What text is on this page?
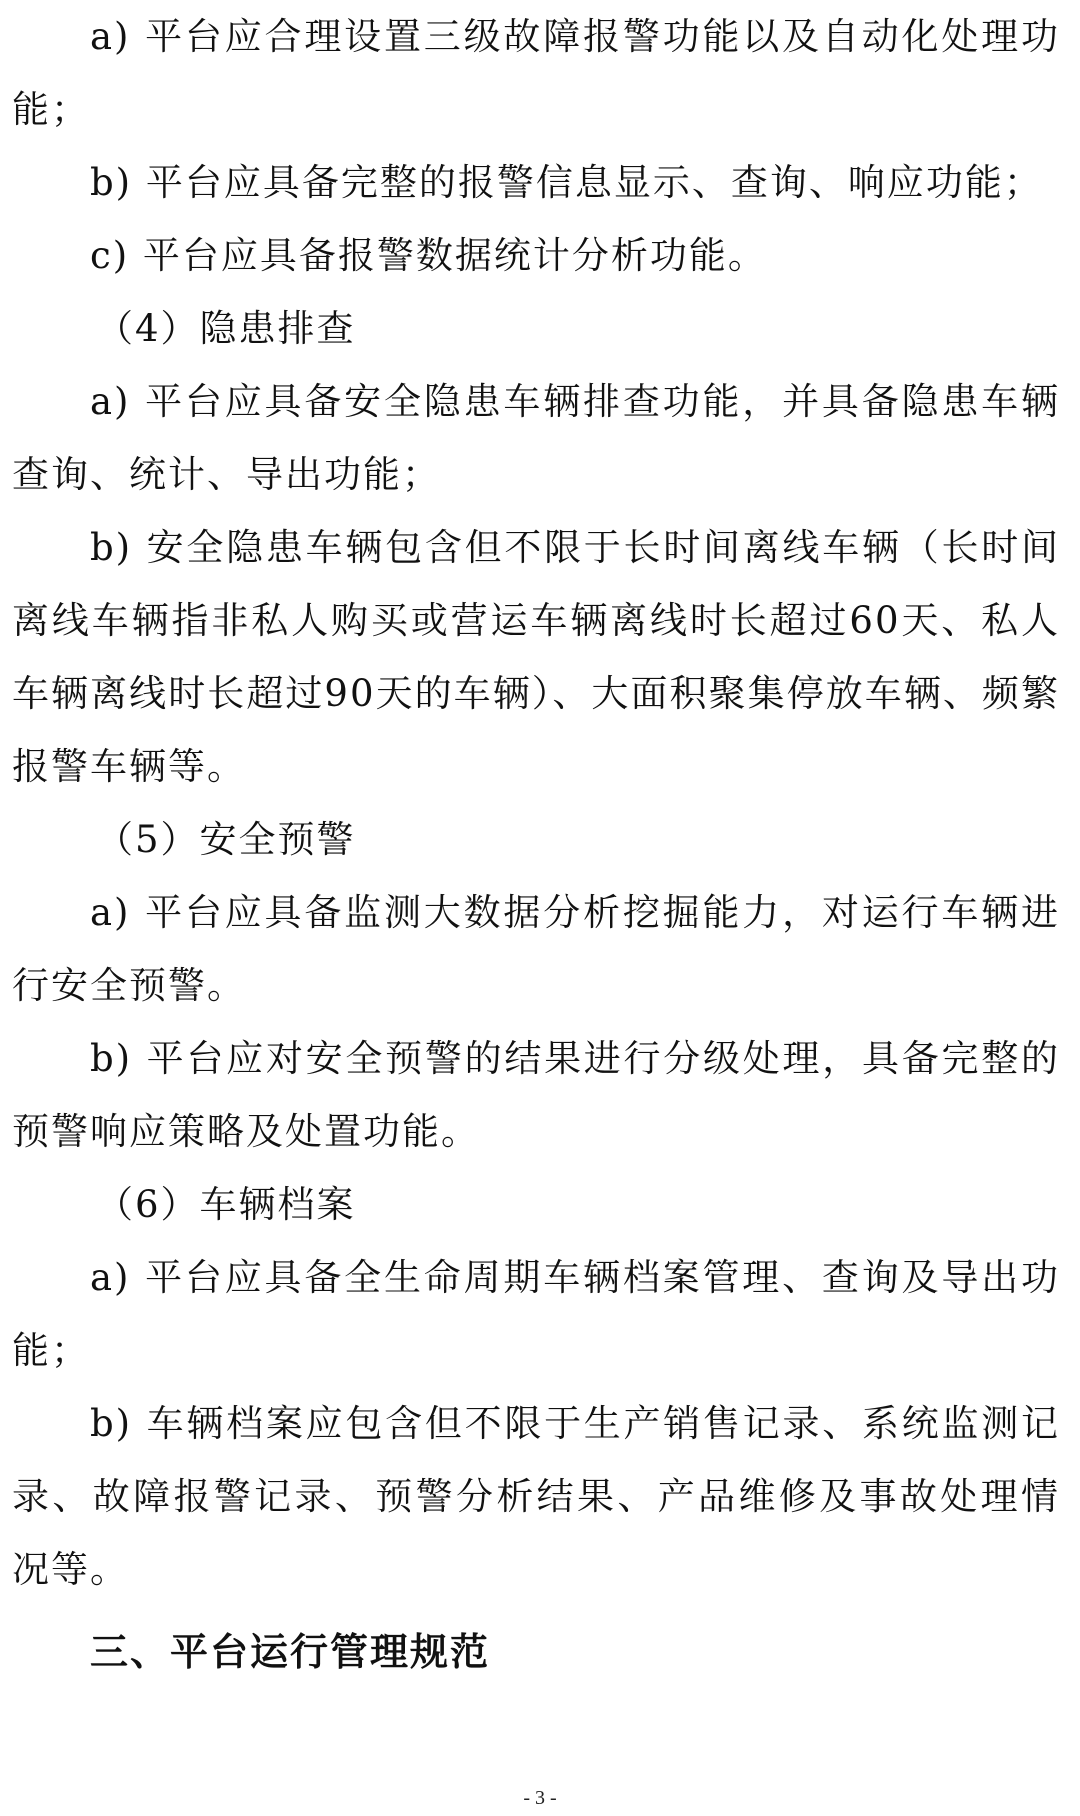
a) 平台应合理设置三级故障报警功能以及自动化处理功能；

b) 平台应具备完整的报警信息显示、查询、响应功能；

c) 平台应具备报警数据统计分析功能。

（4）隐患排查

a) 平台应具备安全隐患车辆排查功能，并具备隐患车辆查询、统计、导出功能；

b) 安全隐患车辆包含但不限于长时间离线车辆（长时间离线车辆指非私人购买或营运车辆离线时长超过60天、私人车辆离线时长超过90天的车辆）、大面积聚集停放车辆、频繁报警车辆等。

（5）安全预警

a) 平台应具备监测大数据分析挖掘能力，对运行车辆进行安全预警。

b) 平台应对安全预警的结果进行分级处理，具备完整的预警响应策略及处置功能。

（6）车辆档案

a) 平台应具备全生命周期车辆档案管理、查询及导出功能；

b) 车辆档案应包含但不限于生产销售记录、系统监测记录、故障报警记录、预警分析结果、产品维修及事故处理情况等。

三、平台运行管理规范

- 3 -
